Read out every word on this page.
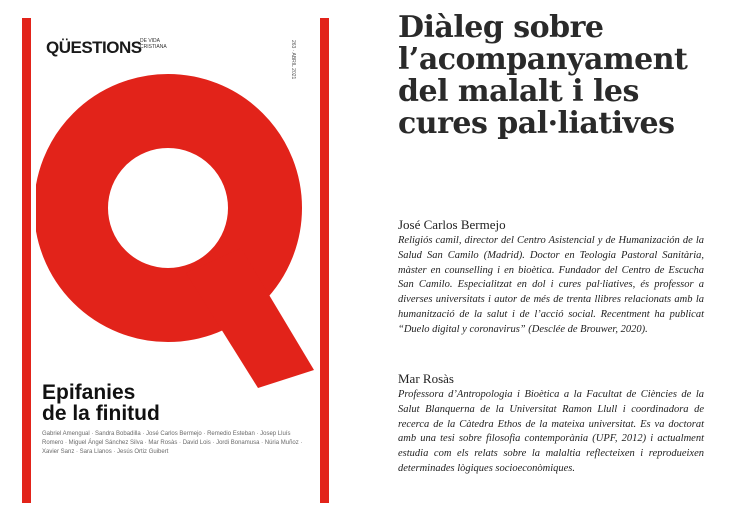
QÜESTIONS
DE VIDA CRISTIANA	263 · ABRIL 2021
Epifanies
de la finitud
Gabriel Amengual · Sandra Bobadilla · José Carlos Bermejo · Remedio Esteban · Josep Lluís Romero · Miguel Ángel Sánchez Silva · Mar Rosàs · David Lois · Jordi Bonamusa · Núria Muñoz · Xavier Sanz · Sara Llanos · Jesús Ortiz Guibert
Diàleg sobre
l’acompanyament
del malalt i les
cures pal·liatives
José Carlos Bermejo
Religiós camil, director del Centro Asistencial y de Humanización de la Salud San Camilo (Madrid). Doctor en Teologia Pastoral Sanitària, màster en counselling i en bioètica. Fundador del Centro de Escucha San Camilo. Especialitzat en dol i cures pal·liatives, és professor a diverses universitats i autor de més de trenta llibres relacionats amb la humanització de la salut i de l’acció social. Recentment ha publicat “Duelo digital y coronavirus” (Desclée de Brouwer, 2020).
Mar Rosàs
Professora d’Antropologia i Bioètica a la Facultat de Ciències de la Salut Blanquerna de la Universitat Ramon Llull i coordinadora de recerca de la Càtedra Ethos de la mateixa universitat. Es va doctorat amb una tesi sobre filosofia contemporània (UPF, 2012) i actualment estudia com els relats sobre la malaltia reflecteixen i reprodueixen determinades lògiques socioeconòmiques.
